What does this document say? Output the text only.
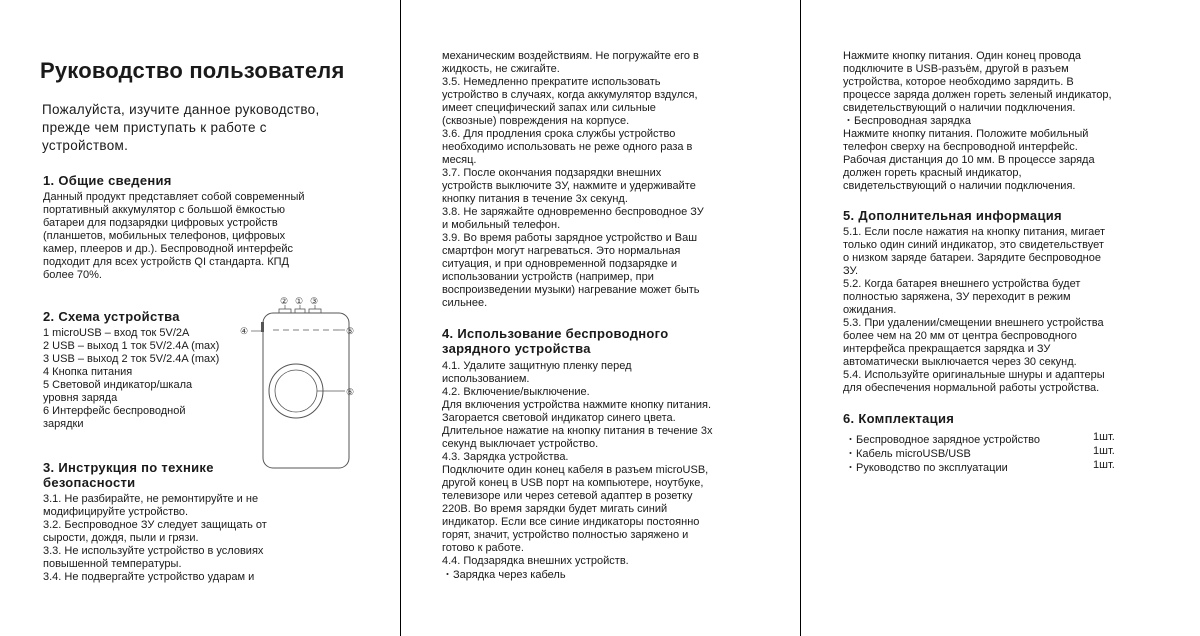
Руководство пользователя
Пожалуйста, изучите данное руководство,
прежде чем приступать к работе с
устройством.
1. Общие сведения
Данный продукт представляет собой современный
портативный аккумулятор с большой ёмкостью
батареи для подзарядки цифровых устройств
(планшетов, мобильных телефонов, цифровых
камер, плееров и др.). Беспроводной интерфейс
подходит для всех устройств QI стандарта. КПД
более 70%.
2. Схема устройства
1 microUSB – вход ток 5V/2A
2 USB – выход 1 ток 5V/2.4A (max)
3 USB – выход 2 ток 5V/2.4A (max)
4 Кнопка питания
5 Световой индикатор/шкала
уровня заряда
6 Интерфейс беспроводной
зарядки
② ① ③
④	⑤
⑥
3. Инструкция по технике
безопасности
3.1. Не разбирайте, не ремонтируйте и не
модифицируйте устройство.
3.2. Беспроводное ЗУ следует защищать от
сырости, дождя, пыли и грязи.
3.3. Не используйте устройство в условиях
повышенной температуры.
3.4. Не подвергайте устройство ударам и
механическим воздействиям. Не погружайте его в
жидкость, не сжигайте.
3.5. Немедленно прекратите использовать
устройство в случаях, когда аккумулятор вздулся,
имеет специфический запах или сильные
(сквозные) повреждения на корпусе.
3.6. Для продления срока службы устройство
необходимо использовать не реже одного раза в
месяц.
3.7. После окончания подзарядки внешних
устройств выключите ЗУ, нажмите и удерживайте
кнопку питания в течение 3х секунд.
3.8. Не заряжайте одновременно беспроводное ЗУ
и мобильный телефон.
3.9. Во время работы зарядное устройство и Ваш
смартфон могут нагреваться. Это нормальная
ситуация, и при одновременной подзарядке и
использовании устройств (например, при
воспроизведении музыки) нагревание может быть
сильнее.
4. Использование беспроводного
зарядного устройства
4.1. Удалите защитную пленку перед
использованием.
4.2. Включение/выключение.
Для включения устройства нажмите кнопку питания.
Загорается световой индикатор синего цвета.
Длительное нажатие на кнопку питания в течение 3х
секунд выключает устройство.
4.3. Зарядка устройства.
Подключите один конец кабеля в разъем microUSB,
другой конец в USB порт на компьютере, ноутбуке,
телевизоре или через сетевой адаптер в розетку
220В. Во время зарядки будет мигать синий
индикатор. Если все синие индикаторы постоянно
горят, значит, устройство полностью заряжено и
готово к работе.
4.4. Подзарядка внешних устройств.
・Зарядка через кабель
Нажмите кнопку питания. Один конец провода
подключите в USB-разъём, другой в разъем
устройства, которое необходимо зарядить. В
процессе заряда должен гореть зеленый индикатор,
свидетельствующий о наличии подключения.
・Беспроводная зарядка
Нажмите кнопку питания. Положите мобильный
телефон сверху на беспроводной интерфейс.
Рабочая дистанция до 10 мм. В процессе заряда
должен гореть красный индикатор,
свидетельствующий о наличии подключения.
5. Дополнительная информация
5.1. Если после нажатия на кнопку питания, мигает
только один синий индикатор, это свидетельствует
о низком заряде батареи. Зарядите беспроводное
ЗУ.
5.2. Когда батарея внешнего устройства будет
полностью заряжена, ЗУ переходит в режим
ожидания.
5.3. При удалении/смещении внешнего устройства
более чем на 20 мм от центра беспроводного
интерфейса прекращается зарядка и ЗУ
автоматически выключается через 30 секунд.
5.4. Используйте оригинальные шнуры и адаптеры
для обеспечения нормальной работы устройства.
6. Комплектация
・Беспроводное зарядное устройство	1шт.
・Кабель microUSB/USB	1шт.
・Руководство по эксплуатации	1шт.
